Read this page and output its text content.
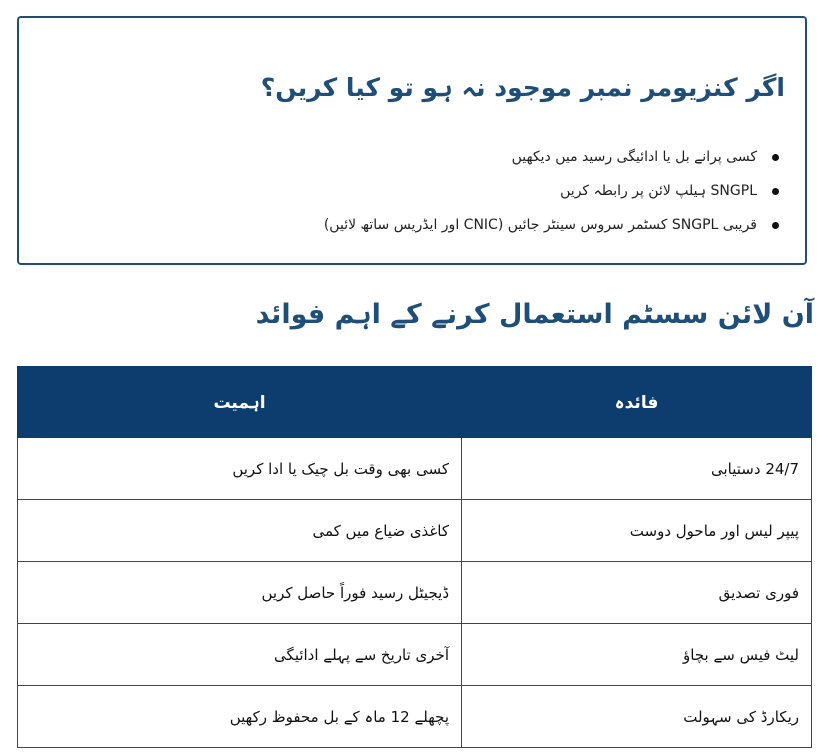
اگر کنزیومر نمبر موجود نہ ہو تو کیا کریں؟
کسی پرانے بل یا ادائیگی رسید میں دیکھیں
SNGPL ہیلپ لائن پر رابطہ کریں
قریبی SNGPL کسٹمر سروس سینٹر جائیں (CNIC اور ایڈریس ساتھ لائیں)
آن لائن سسٹم استعمال کرنے کے اہم فوائد
فائدہ	اہمیت
24/7 دستیابی	کسی بھی وقت بل چیک یا ادا کریں
پیپر لیس اور ماحول دوست	کاغذی ضیاع میں کمی
فوری تصدیق	ڈیجیٹل رسید فوراً حاصل کریں
لیٹ فیس سے بچاؤ	آخری تاریخ سے پہلے ادائیگی
ریکارڈ کی سہولت	پچھلے 12 ماہ کے بل محفوظ رکھیں
